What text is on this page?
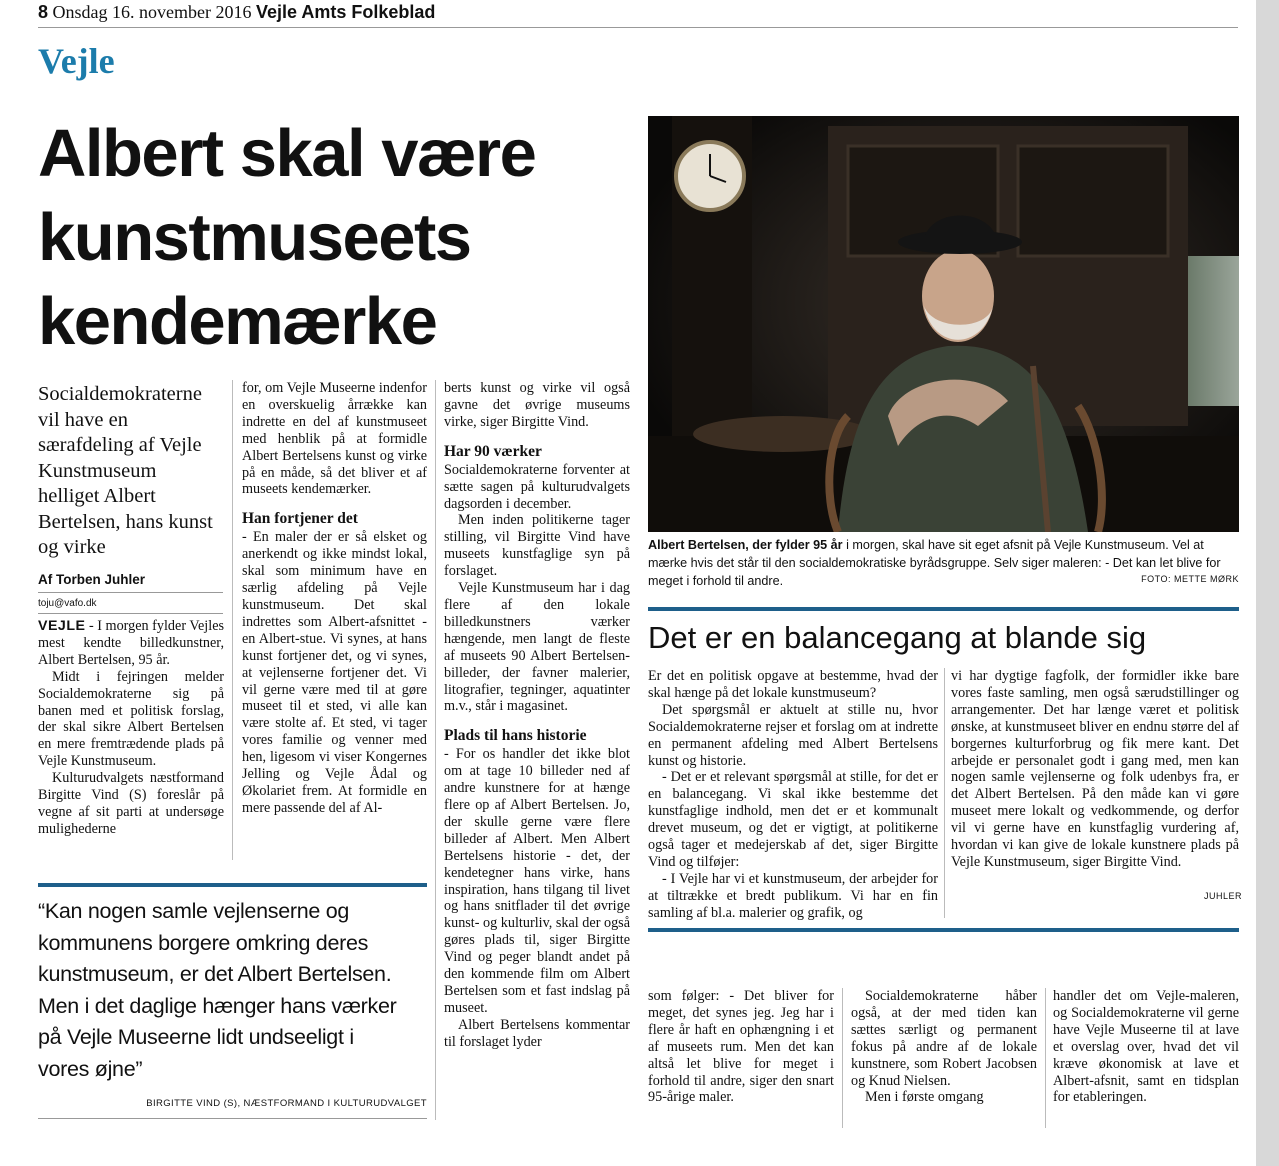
8 Onsdag 16. november 2016 Vejle Amts Folkeblad
Vejle
Albert skal være
kunstmuseets
kendemærke
Albert Bertelsen, der fylder 95 år i morgen, skal have sit eget afsnit på Vejle Kunstmuseum. Vel at mærke hvis det står til den socialdemokratiske byrådsgruppe. Selv siger maleren: - Det kan let blive for meget i forhold til andre.	FOTO: METTE MØRK
Socialdemokraterne vil have en særafdeling af Vejle Kunstmuseum helliget Albert Bertelsen, hans kunst og virke
Af Torben Juhler
toju@vafo.dk

VEJLE - I morgen fylder Vejles mest kendte billedkunstner, Albert Bertelsen, 95 år.

Midt i fejringen melder Socialdemokraterne sig på banen med et politisk forslag, der skal sikre Albert Bertelsen en mere fremtrædende plads på Vejle Kunstmuseum.

Kulturudvalgets næstformand Birgitte Vind (S) foreslår på vegne af sit parti at undersøge mulighederne

for, om Vejle Museerne indenfor en overskuelig årrække kan indrette en del af kunstmuseet med henblik på at formidle Albert Bertelsens kunst og virke på en måde, så det bliver et af museets kendemærker.

Han fortjener det

- En maler der er så elsket og anerkendt og ikke mindst lokal, skal som minimum have en særlig afdeling på Vejle kunstmuseum. Det skal indrettes som Albert-afsnittet - en Albert-stue. Vi synes, at hans kunst fortjener det, og vi synes, at vejlenserne fortjener det. Vi vil gerne være med til at gøre museet til et sted, vi alle kan være stolte af. Et sted, vi tager vores familie og venner med hen, ligesom vi viser Kongernes Jelling og Vejle Ådal og Økolariet frem. At formidle en mere passende del af Al-

berts kunst og virke vil også gavne det øvrige museums virke, siger Birgitte Vind.

Har 90 værker

Socialdemokraterne forventer at sætte sagen på kulturudvalgets dagsorden i december.

Men inden politikerne tager stilling, vil Birgitte Vind have museets kunstfaglige syn på forslaget.

Vejle Kunstmuseum har i dag flere af den lokale billedkunstners værker hængende, men langt de fleste af museets 90 Albert Bertelsen-billeder, der favner malerier, litografier, tegninger, aquatinter m.v., står i magasinet.

Plads til hans historie

- For os handler det ikke blot om at tage 10 billeder ned af andre kunstnere for at hænge flere op af Albert Bertelsen. Jo, der skulle gerne være flere billeder af Albert. Men Albert Bertelsens historie - det, der kendetegner hans virke, hans inspiration, hans tilgang til livet og hans snitflader til det øvrige kunst- og kulturliv, skal der også gøres plads til, siger Birgitte Vind og peger blandt andet på den kommende film om Albert Bertelsen som et fast indslag på museet.

Albert Bertelsens kommentar til forslaget lyder

Det er en balancegang at blande sig

Er det en politisk opgave at bestemme, hvad der skal hænge på det lokale kunstmuseum?

Det spørgsmål er aktuelt at stille nu, hvor Socialdemokraterne rejser et forslag om at indrette en permanent afdeling med Albert Bertelsens kunst og historie.

- Det er et relevant spørgsmål at stille, for det er en balancegang. Vi skal ikke bestemme det kunstfaglige indhold, men det er et kommunalt drevet museum, og det er vigtigt, at politikerne også tager et medejerskab af det, siger Birgitte Vind og tilføjer:

- I Vejle har vi et kunstmuseum, der arbejder for at tiltrække et bredt publikum. Vi har en fin samling af bl.a. malerier og grafik, og

vi har dygtige fagfolk, der formidler ikke bare vores faste samling, men også særudstillinger og arrangementer. Det har længe været et politisk ønske, at kunstmuseet bliver en endnu større del af borgernes kulturforbrug og fik mere kant. Det arbejde er personalet godt i gang med, men kan nogen samle vejlenserne og folk udenbys fra, er det Albert Bertelsen. På den måde kan vi gøre museet mere lokalt og vedkommende, og derfor vil vi gerne have en kunstfaglig vurdering af, hvordan vi kan give de lokale kunstnere plads på Vejle Kunstmuseum, siger Birgitte Vind.

JUHLER

som følger: - Det bliver for meget, det synes jeg. Jeg har i flere år haft en ophængning i et af museets rum. Men det kan altså let blive for meget i forhold til andre, siger den snart 95-årige maler.

Socialdemokraterne håber også, at der med tiden kan sættes særligt og permanent fokus på andre af de lokale kunstnere, som Robert Jacobsen og Knud Nielsen.

Men i første omgang

handler det om Vejle-maleren, og Socialdemokraterne vil gerne have Vejle Museerne til at lave et overslag over, hvad det vil kræve økonomisk at lave et Albert-afsnit, samt en tidsplan for etableringen.

“Kan nogen samle vejlenserne og kommunens borgere omkring deres kunstmuseum, er det Albert Bertelsen. Men i det daglige hænger hans værker på Vejle Museerne lidt undseeligt i vores øjne”
BIRGITTE VIND (S), NÆSTFORMAND I KULTURUDVALGET
